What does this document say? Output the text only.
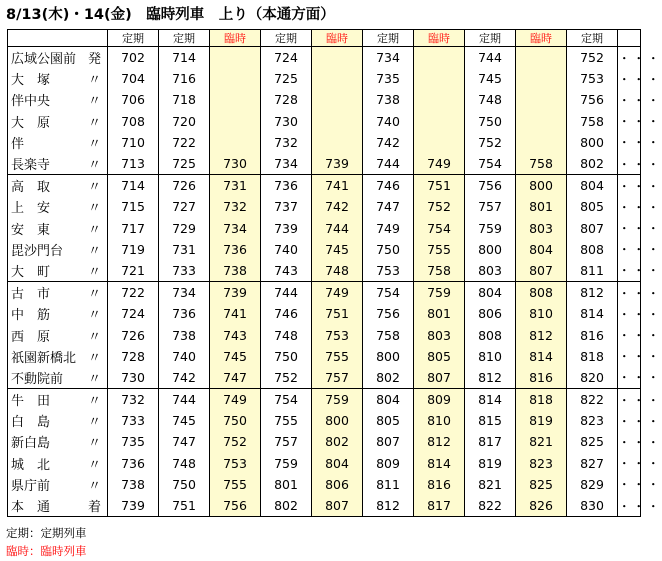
8/13(木)・14(金)　臨時列車　上り（本通方面）
	定期	定期	臨時	定期	臨時	定期	臨時	定期	臨時	定期	

広域公園前 発	702	714		724		734		744		752	・・・

大　塚 〃	704	716		725		735		745		753	・・・

伴中央 〃	706	718		728		738		748		756	・・・

大　原 〃	708	720		730		740		750		758	・・・

伴 〃	710	722		732		742		752		800	・・・

長楽寺 〃	713	725	730	734	739	744	749	754	758	802	・・・

高　取 〃	714	726	731	736	741	746	751	756	800	804	・・・

上　安 〃	715	727	732	737	742	747	752	757	801	805	・・・

安　東 〃	717	729	734	739	744	749	754	759	803	807	・・・

毘沙門台 〃	719	731	736	740	745	750	755	800	804	808	・・・

大　町 〃	721	733	738	743	748	753	758	803	807	811	・・・

古　市 〃	722	734	739	744	749	754	759	804	808	812	・・・

中　筋 〃	724	736	741	746	751	756	801	806	810	814	・・・

西　原 〃	726	738	743	748	753	758	803	808	812	816	・・・

祇園新橋北 〃	728	740	745	750	755	800	805	810	814	818	・・・

不動院前 〃	730	742	747	752	757	802	807	812	816	820	・・・

牛　田 〃	732	744	749	754	759	804	809	814	818	822	・・・

白　島 〃	733	745	750	755	800	805	810	815	819	823	・・・

新白島 〃	735	747	752	757	802	807	812	817	821	825	・・・

城　北 〃	736	748	753	759	804	809	814	819	823	827	・・・

県庁前 〃	738	750	755	801	806	811	816	821	825	829	・・・

本　通 着	739	751	756	802	807	812	817	822	826	830	・・・
定期：定期列車
臨時：臨時列車
